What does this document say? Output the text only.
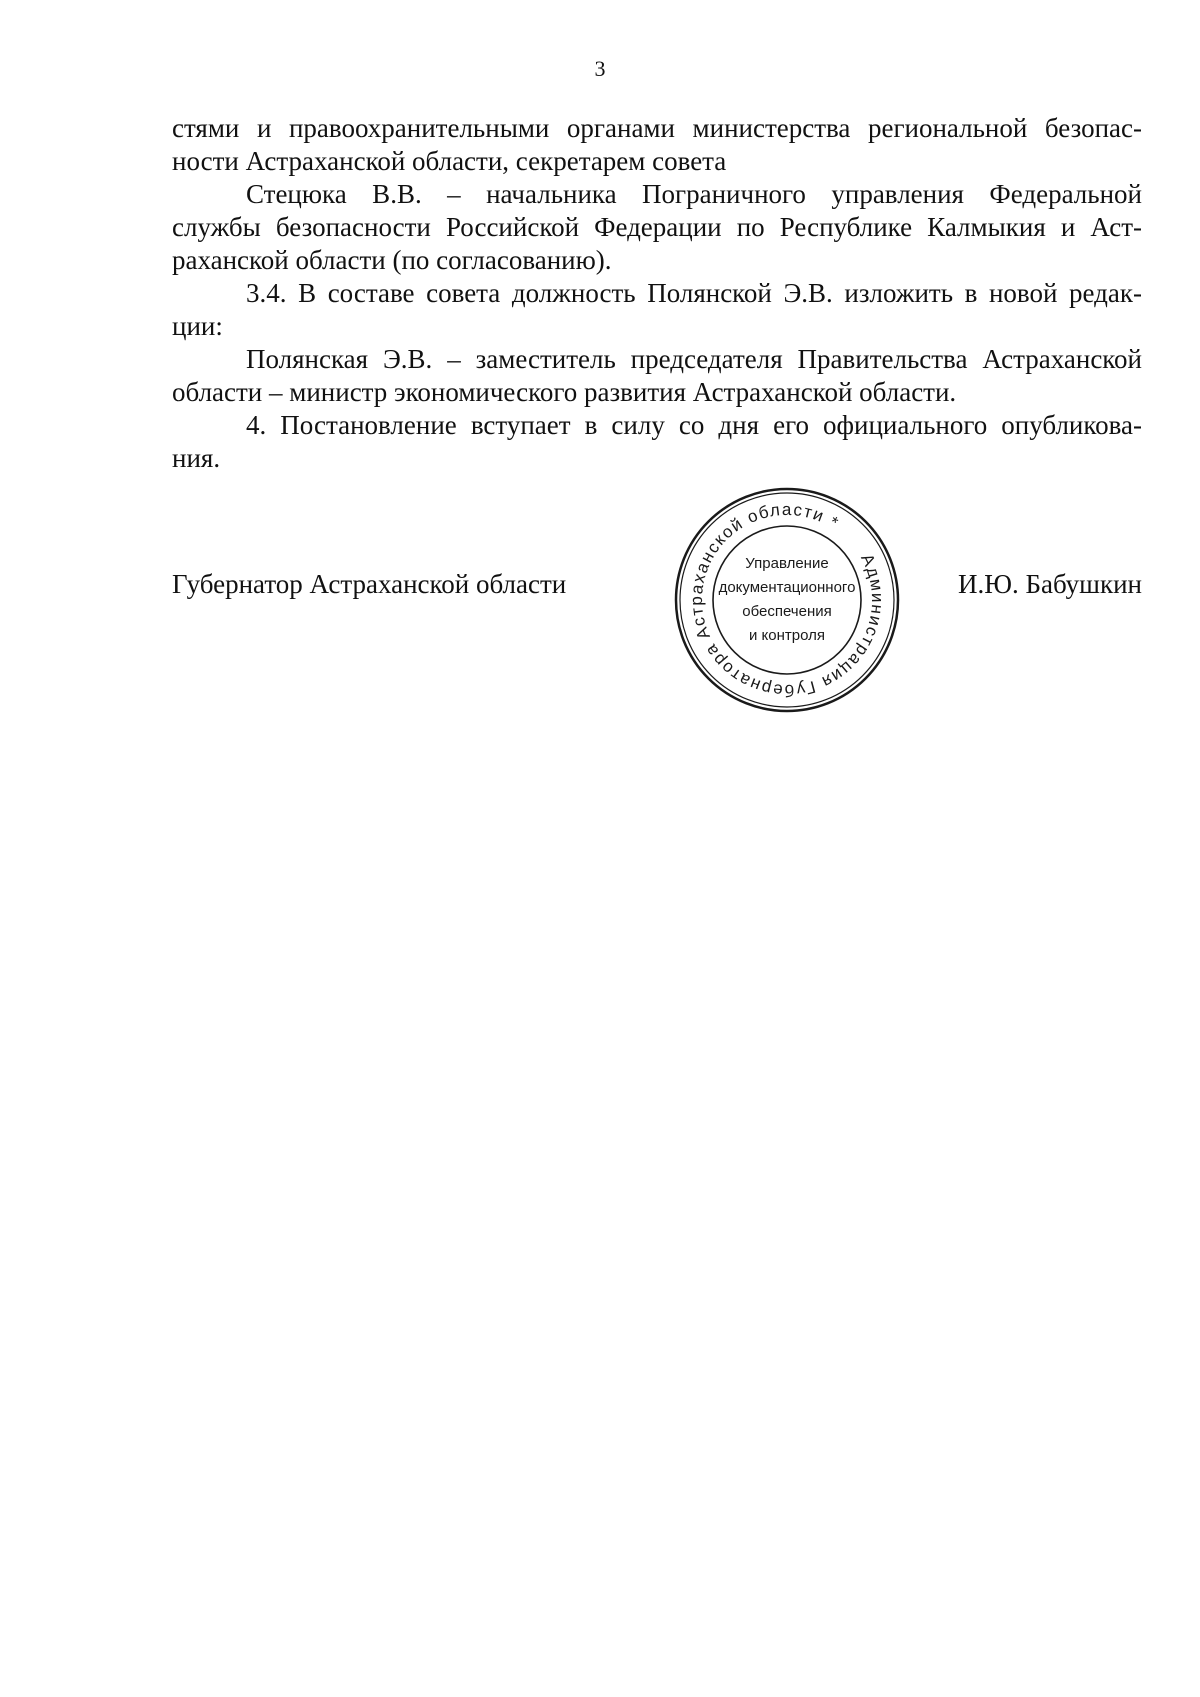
3
стями и правоохранительными органами министерства региональной безопас-
ности Астраханской области, секретарем совета
Стецюка В.В. – начальника Пограничного управления Федеральной
службы безопасности Российской Федерации по Республике Калмыкия и Аст-
раханской области (по согласованию).
3.4. В составе совета должность Полянской Э.В. изложить в новой редак-
ции:
Полянская Э.В. – заместитель председателя Правительства Астраханской
области – министр экономического развития Астраханской области.
4. Постановление вступает в силу со дня его официального опубликова-
ния.
Губернатор Астраханской области	И.Ю. Бабушкин
Администрация Губернатора Астраханской области *
Управление
документационного
обеспечения
и контроля
